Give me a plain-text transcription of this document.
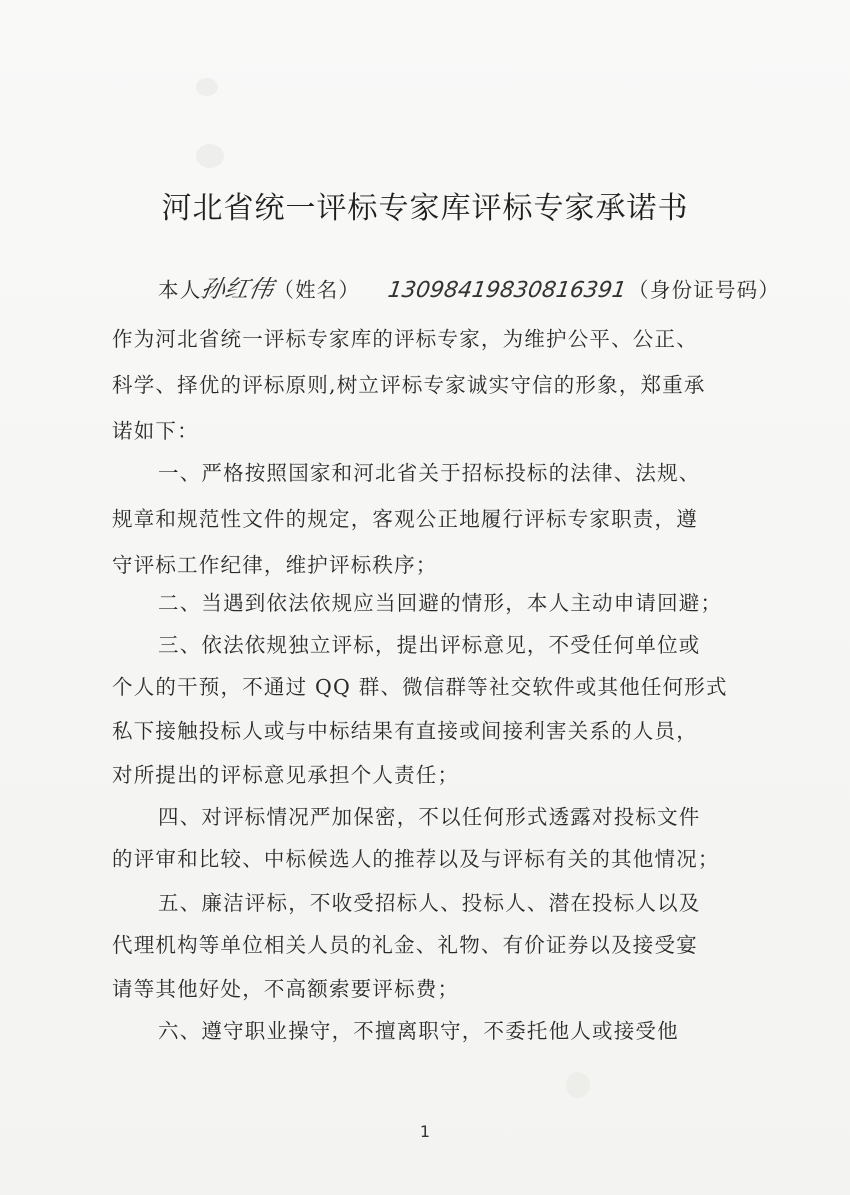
河北省统一评标专家库评标专家承诺书
本人孙红伟（姓名） 13098419830816391（身份证号码）
作为河北省统一评标专家库的评标专家，为维护公平、公正、
科学、择优的评标原则,树立评标专家诚实守信的形象，郑重承
诺如下：
一、严格按照国家和河北省关于招标投标的法律、法规、
规章和规范性文件的规定，客观公正地履行评标专家职责，遵
守评标工作纪律，维护评标秩序；
二、当遇到依法依规应当回避的情形，本人主动申请回避；
三、依法依规独立评标，提出评标意见，不受任何单位或
个人的干预，不通过 QQ 群、微信群等社交软件或其他任何形式
私下接触投标人或与中标结果有直接或间接利害关系的人员，
对所提出的评标意见承担个人责任；
四、对评标情况严加保密，不以任何形式透露对投标文件
的评审和比较、中标候选人的推荐以及与评标有关的其他情况；
五、廉洁评标，不收受招标人、投标人、潜在投标人以及
代理机构等单位相关人员的礼金、礼物、有价证券以及接受宴
请等其他好处，不高额索要评标费；
六、遵守职业操守，不擅离职守，不委托他人或接受他
1
